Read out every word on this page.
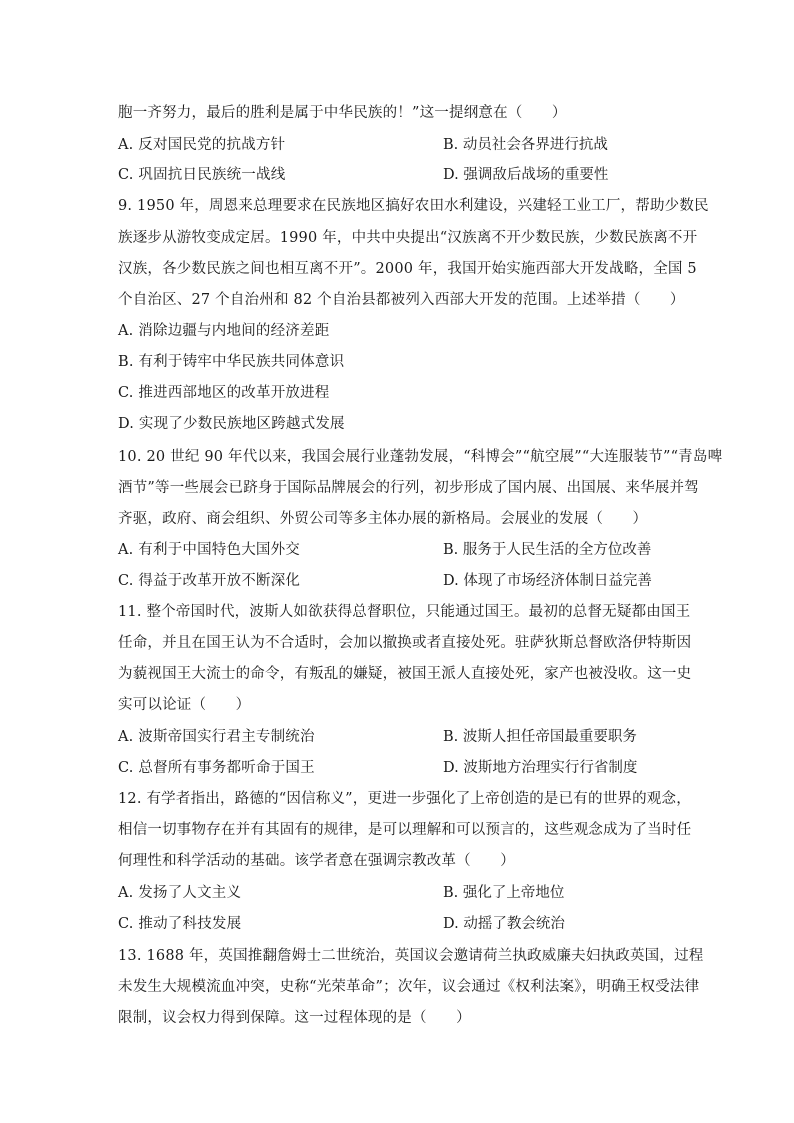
胞一齐努力，最后的胜利是属于中华民族的！”这一提纲意在（　　）
A. 反对国民党的抗战方针	B. 动员社会各界进行抗战
C. 巩固抗日民族统一战线	D. 强调敌后战场的重要性
9. 1950 年，周恩来总理要求在民族地区搞好农田水利建设，兴建轻工业工厂，帮助少数民
族逐步从游牧变成定居。1990 年，中共中央提出“汉族离不开少数民族，少数民族离不开
汉族，各少数民族之间也相互离不开”。2000 年，我国开始实施西部大开发战略，全国 5
个自治区、27 个自治州和 82 个自治县都被列入西部大开发的范围。上述举措（　　）
A. 消除边疆与内地间的经济差距
B. 有利于铸牢中华民族共同体意识
C. 推进西部地区的改革开放进程
D. 实现了少数民族地区跨越式发展
10. 20 世纪 90 年代以来，我国会展行业蓬勃发展，“科博会”“航空展”“大连服装节”“青岛啤
酒节”等一些展会已跻身于国际品牌展会的行列，初步形成了国内展、出国展、来华展并驾
齐驱，政府、商会组织、外贸公司等多主体办展的新格局。会展业的发展（　　）
A. 有利于中国特色大国外交	B. 服务于人民生活的全方位改善
C. 得益于改革开放不断深化	D. 体现了市场经济体制日益完善
11. 整个帝国时代，波斯人如欲获得总督职位，只能通过国王。最初的总督无疑都由国王
任命，并且在国王认为不合适时，会加以撤换或者直接处死。驻萨狄斯总督欧洛伊特斯因
为藐视国王大流士的命令，有叛乱的嫌疑，被国王派人直接处死，家产也被没收。这一史
实可以论证（　　）
A. 波斯帝国实行君主专制统治	B. 波斯人担任帝国最重要职务
C. 总督所有事务都听命于国王	D. 波斯地方治理实行行省制度
12. 有学者指出，路德的“因信称义”，更进一步强化了上帝创造的是已有的世界的观念，
相信一切事物存在并有其固有的规律，是可以理解和可以预言的，这些观念成为了当时任
何理性和科学活动的基础。该学者意在强调宗教改革（　　）
A. 发扬了人文主义	B. 强化了上帝地位
C. 推动了科技发展	D. 动摇了教会统治
13. 1688 年，英国推翻詹姆士二世统治，英国议会邀请荷兰执政威廉夫妇执政英国，过程
未发生大规模流血冲突，史称“光荣革命”；次年，议会通过《权利法案》，明确王权受法律
限制，议会权力得到保障。这一过程体现的是（　　）
